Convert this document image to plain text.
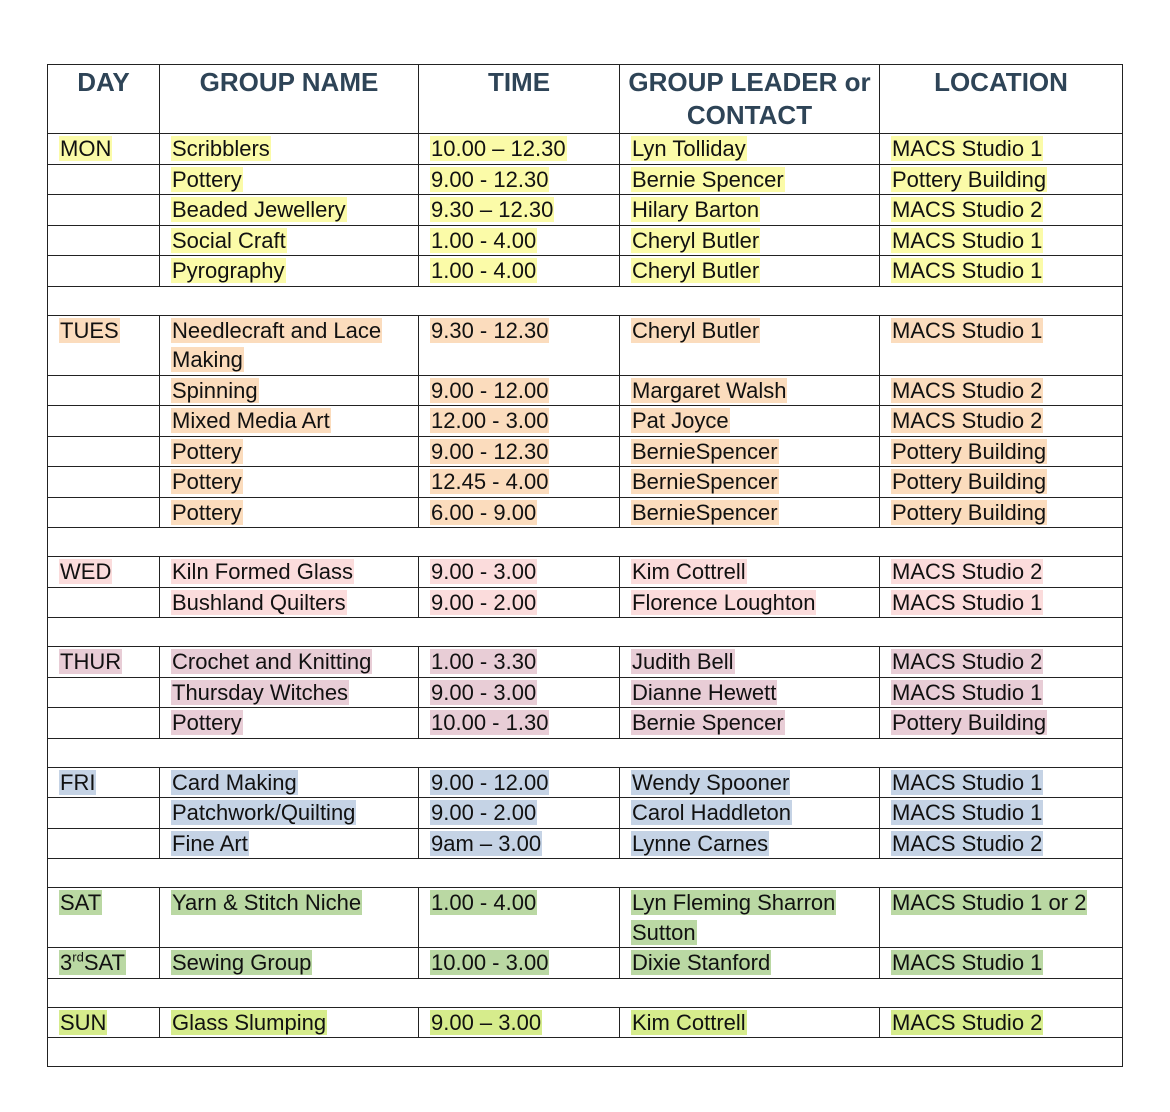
DAY	GROUP NAME	TIME	GROUP LEADER or CONTACT	LOCATION
MON	Scribblers	10.00 – 12.30	Lyn Tolliday	MACS Studio 1
	Pottery	9.00 - 12.30	Bernie Spencer	Pottery Building
	Beaded Jewellery	9.30 – 12.30	Hilary Barton	MACS Studio 2
	Social Craft	1.00 - 4.00	Cheryl Butler	MACS Studio 1
	Pyrography	1.00 - 4.00	Cheryl Butler	MACS Studio 1

TUES	Needlecraft and Lace Making	9.30 - 12.30	Cheryl Butler	MACS Studio 1
	Spinning	9.00 - 12.00	Margaret Walsh	MACS Studio 2
	Mixed Media Art	12.00 - 3.00	Pat Joyce	MACS Studio 2
	Pottery	9.00 - 12.30	BernieSpencer	Pottery Building
	Pottery	12.45 - 4.00	BernieSpencer	Pottery Building
	Pottery	6.00 - 9.00	BernieSpencer	Pottery Building

WED	Kiln Formed Glass	9.00 - 3.00	Kim Cottrell	MACS Studio 2
	Bushland Quilters	9.00 - 2.00	Florence Loughton	MACS Studio 1

THUR	Crochet and Knitting	1.00 - 3.30	Judith Bell	MACS Studio 2
	Thursday Witches	9.00 - 3.00	Dianne Hewett	MACS Studio 1
	Pottery	10.00 - 1.30	Bernie Spencer	Pottery Building

FRI	Card Making	9.00 - 12.00	Wendy Spooner	MACS Studio 1
	Patchwork/Quilting	9.00 - 2.00	Carol Haddleton	MACS Studio 1
	Fine Art	9am – 3.00	Lynne Carnes	MACS Studio 2

SAT	Yarn & Stitch Niche	1.00 - 4.00	Lyn Fleming Sharron Sutton	MACS Studio 1 or 2
3rdSAT	Sewing Group	10.00 - 3.00	Dixie Stanford	MACS Studio 1

SUN	Glass Slumping	9.00 – 3.00	Kim Cottrell	MACS Studio 2
